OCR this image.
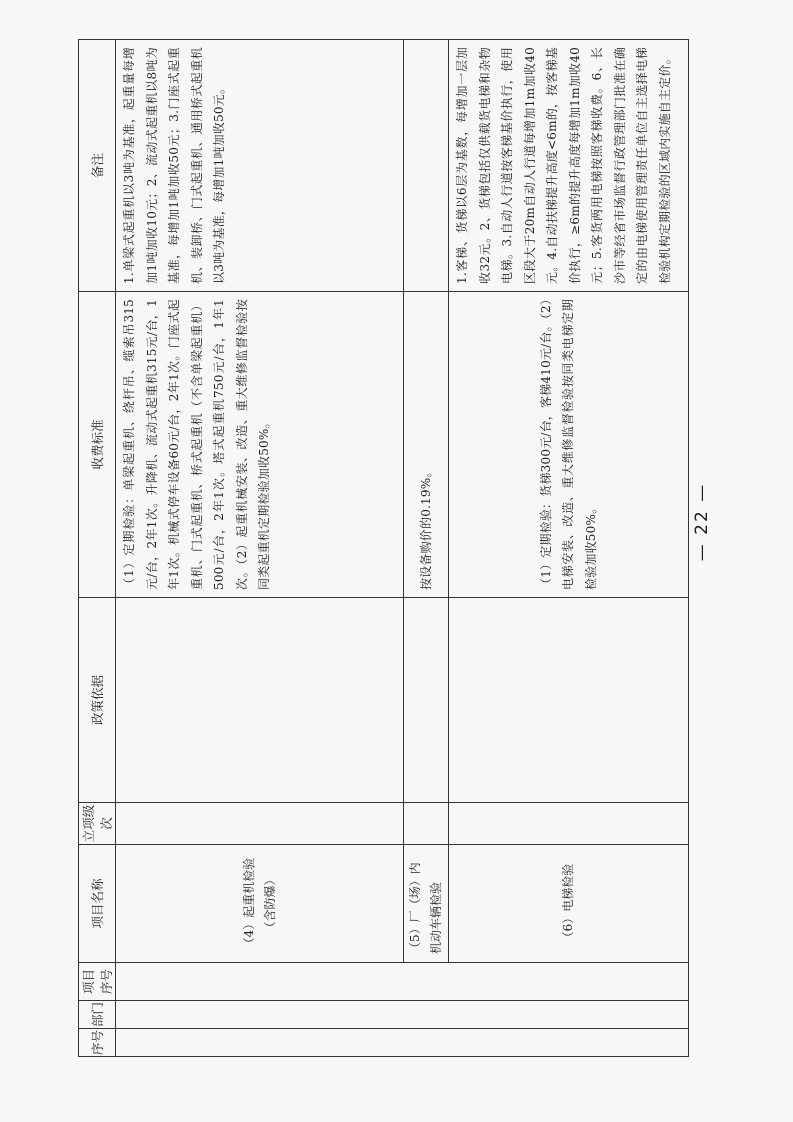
序号	部门	项目序号	项目名称	立项级次	政策依据	收费标准	备注

			（4）起重机检验（含防爆）			（1）定期检验：单梁起重机、绕杆吊、缆索吊315元/台，2年1次。升降机、流动式起重机315元/台，1年1次。机械式停车设备60元/台，2年1次。门座式起重机、门式起重机、桥式起重机（不含单梁起重机）500元/台，2年1次。塔式起重机750元/台，1年1次。（2）起重机械安装、改造、重大维修监督检验按同类起重机定期检验加收50%。	1.单梁式起重机以3吨为基准，起重量每增加1吨加收10元；2、流动式起重机以8吨为基准，每增加1吨加收50元；3.门座式起重机、装卸桥、门式起重机、通用桥式起重机以3吨为基准，每增加1吨加收50元。

			（5）厂（场）内机动车辆检验			按设备购价的0.19%。	

			（6）电梯检验			（1）定期检验：货梯300元/台，客梯410元/台。（2）电梯安装、改造、重大维修监督检验按同类电梯定期检验加收50%。	1.客梯、货梯以6层为基数，每增加一层加收32元。2、货梯包括仅供载货电梯和杂物电梯。3.自动人行道按客梯基价执行，使用区段大于20m自动人行道每增加1m加收40元。4.自动扶梯提升高度<6m的，按客梯基价执行，≥6m的提升高度每增加1m加收40元；5.客货两用电梯按照客梯收费。6、长沙市等经省市场监督行政管理部门批准在确定的由电梯使用管理责任单位自主选择电梯检验机构定期检验的区域内实施自主定价。
— 22 —
